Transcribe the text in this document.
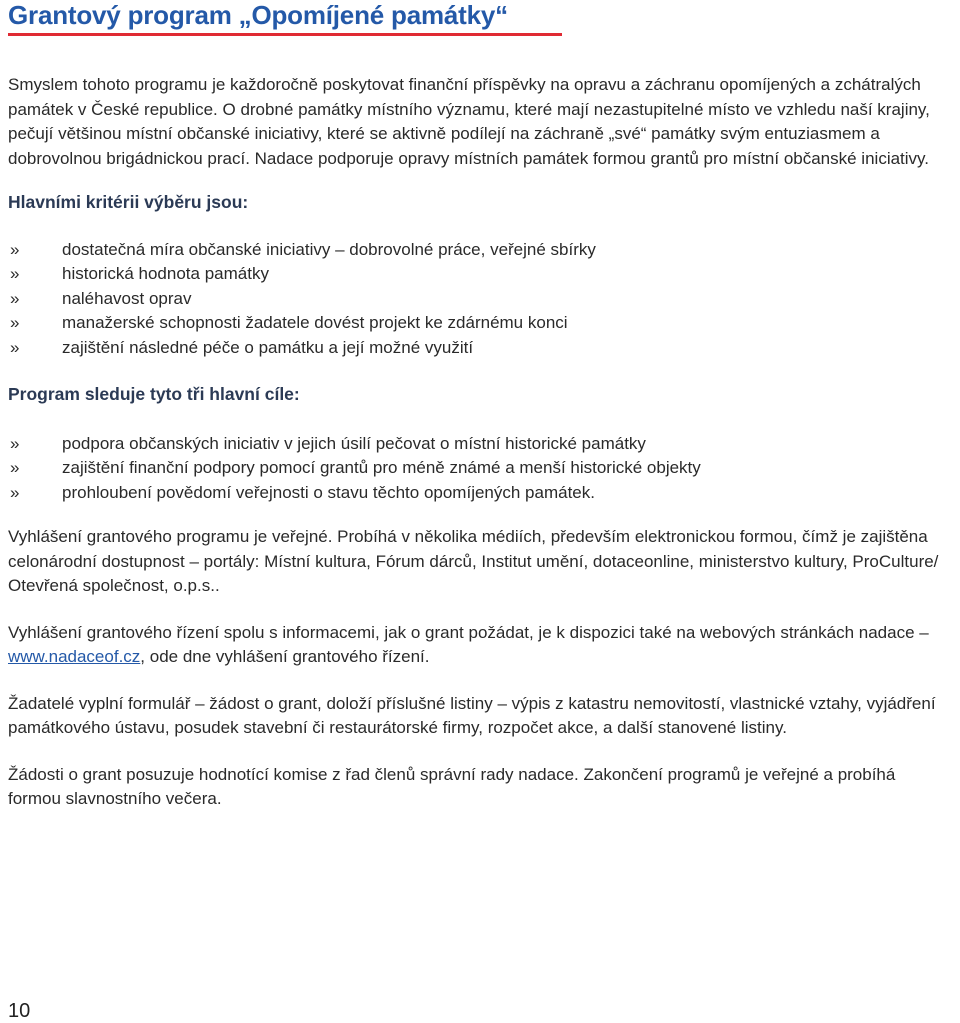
Grantový program „Opomíjené památky“

Smyslem tohoto programu je každoročně poskytovat finanční příspěvky na opravu a záchranu opomíjených a zchátralých památek v České republice. O drobné památky místního významu, které mají nezastupitelné místo ve vzhledu naší krajiny, pečují většinou místní občanské iniciativy, které se aktivně podílejí na záchraně „své“ památky svým entuziasmem a dobrovolnou brigádnickou prací. Nadace podporuje opravy místních památek formou grantů pro místní občanské iniciativy.

Hlavními kritérii výběru jsou:
»	dostatečná míra občanské iniciativy – dobrovolné práce, veřejné sbírky
»	historická hodnota památky
»	naléhavost oprav
»	manažerské schopnosti žadatele dovést projekt ke zdárnému konci
»	zajištění následné péče o památku a její možné využití
Program sleduje tyto tři hlavní cíle:
»	podpora občanských iniciativ v jejich úsilí pečovat o místní historické památky
»	zajištění finanční podpory pomocí grantů pro méně známé a menší historické objekty
»	prohloubení povědomí veřejnosti o stavu těchto opomíjených památek.

Vyhlášení grantového programu je veřejné. Probíhá v několika médiích, především elektronickou formou, čímž je zajištěna celonárodní dostupnost – portály: Místní kultura, Fórum dárců, Institut umění, dotaceonline, ministerstvo kultury, ProCulture/ Otevřená společnost, o.p.s..

Vyhlášení grantového řízení spolu s informacemi, jak o grant požádat, je k dispozici také na webových stránkách nadace – www.nadaceof.cz, ode dne vyhlášení grantového řízení.

Žadatelé vyplní formulář – žádost o grant, doloží příslušné listiny – výpis z katastru nemovitostí, vlastnické vztahy, vyjádření památkového ústavu, posudek stavební či restaurátorské firmy, rozpočet akce, a další stanovené listiny.

Žádosti o grant posuzuje hodnotící komise z řad členů správní rady nadace. Zakončení programů je veřejné a probíhá formou slavnostního večera.

10
